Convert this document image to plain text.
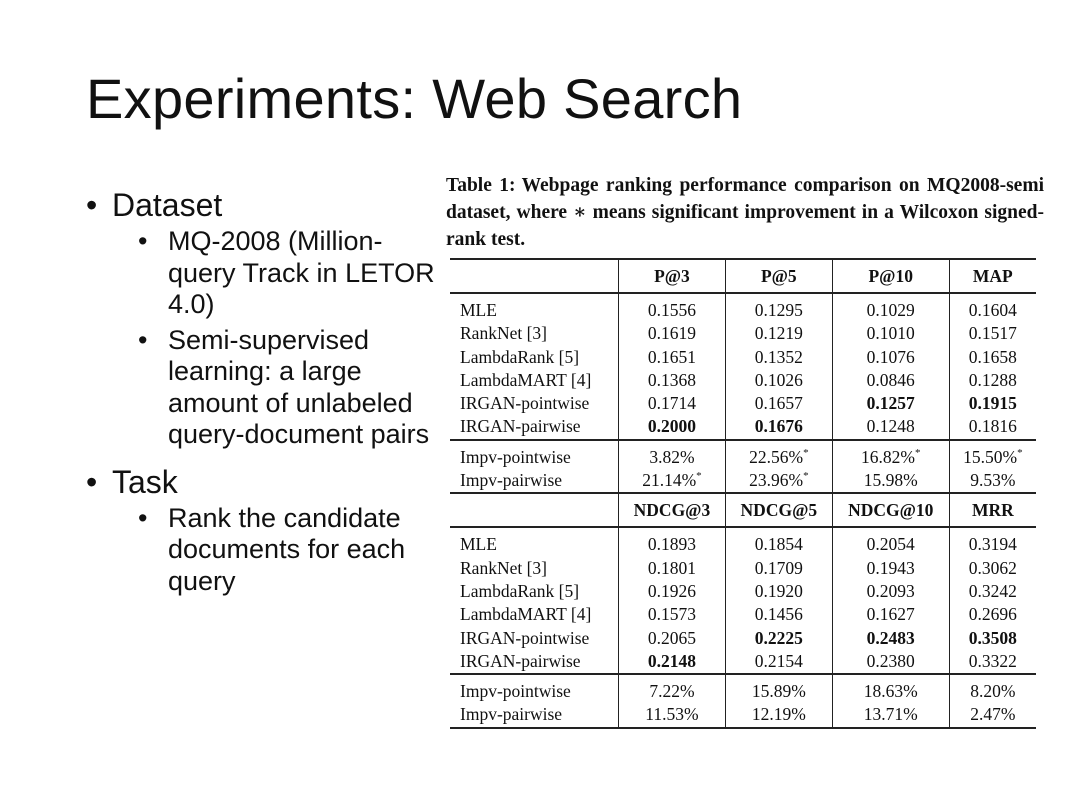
Experiments: Web Search
• Dataset
• MQ-2008 (Million-query Track in LETOR 4.0)
• Semi-supervised learning: a large amount of unlabeled query-document pairs
• Task
• Rank the candidate documents for each query
Table 1: Webpage ranking performance comparison on MQ2008-semi dataset, where ∗ means significant improvement in a Wilcoxon signed-rank test.
	P@3	P@5	P@10	MAP
MLE	0.1556	0.1295	0.1029	0.1604
RankNet [3]	0.1619	0.1219	0.1010	0.1517
LambdaRank [5]	0.1651	0.1352	0.1076	0.1658
LambdaMART [4]	0.1368	0.1026	0.0846	0.1288
IRGAN-pointwise	0.1714	0.1657	0.1257	0.1915
IRGAN-pairwise	0.2000	0.1676	0.1248	0.1816
Impv-pointwise	3.82%	22.56%*	16.82%*	15.50%*
Impv-pairwise	21.14%*	23.96%*	15.98%	9.53%
	NDCG@3	NDCG@5	NDCG@10	MRR
MLE	0.1893	0.1854	0.2054	0.3194
RankNet [3]	0.1801	0.1709	0.1943	0.3062
LambdaRank [5]	0.1926	0.1920	0.2093	0.3242
LambdaMART [4]	0.1573	0.1456	0.1627	0.2696
IRGAN-pointwise	0.2065	0.2225	0.2483	0.3508
IRGAN-pairwise	0.2148	0.2154	0.2380	0.3322
Impv-pointwise	7.22%	15.89%	18.63%	8.20%
Impv-pairwise	11.53%	12.19%	13.71%	2.47%
